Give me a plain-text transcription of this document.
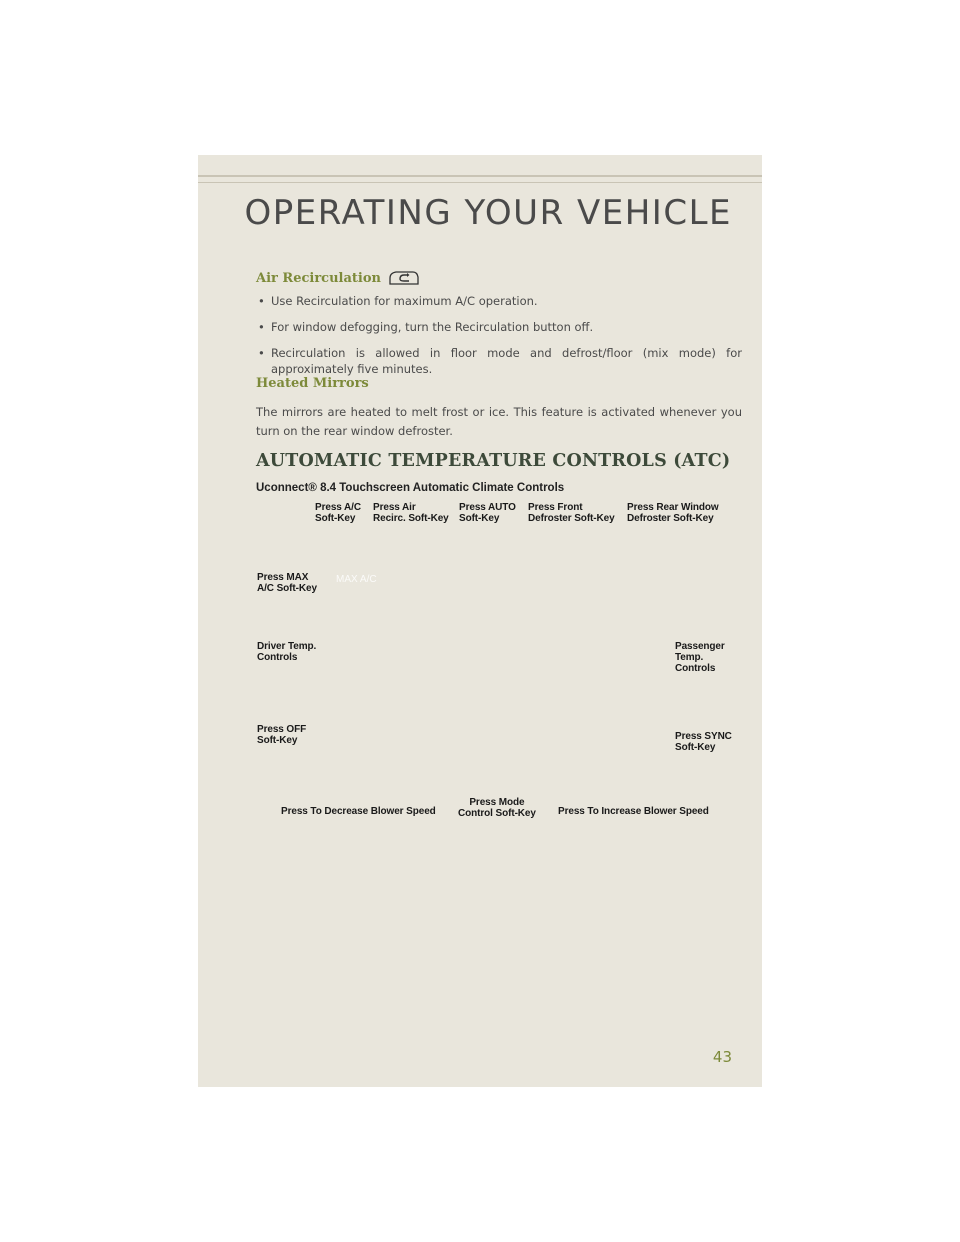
OPERATING YOUR VEHICLE
Air Recirculation
• Use Recirculation for maximum A/C operation.
• For window defogging, turn the Recirculation button off.
• Recirculation is allowed in floor mode and defrost/floor (mix mode) for approximately five minutes.
Heated Mirrors
The mirrors are heated to melt frost or ice. This feature is activated whenever you turn on the rear window defroster.
AUTOMATIC TEMPERATURE CONTROLS (ATC)
Uconnect® 8.4 Touchscreen Automatic Climate Controls
Press A/C
Soft-Key
Press Air
Recirc. Soft-Key
Press AUTO
Soft-Key
Press Front
Defroster Soft-Key
Press Rear Window
Defroster Soft-Key
Press MAX
A/C Soft-Key
MAX A/C
Driver Temp.
Controls
Passenger
Temp.
Controls
Press OFF
Soft-Key	Press SYNC
Soft-Key
Press To Decrease Blower Speed
Press Mode
Control Soft-Key Press To Increase Blower Speed
43
